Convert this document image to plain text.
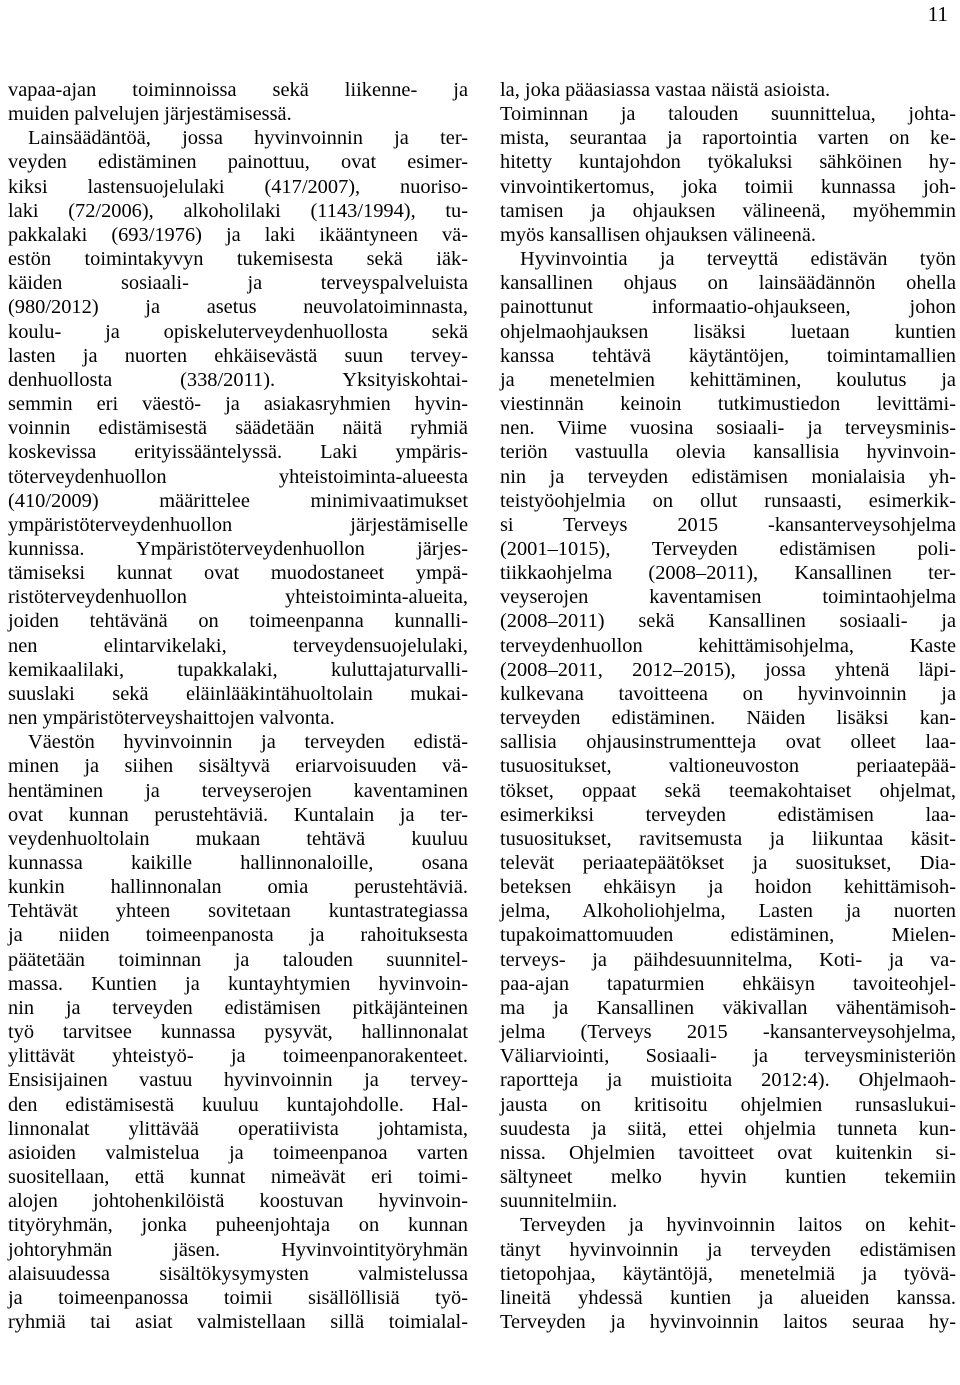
11
vapaa-ajan toiminnoissa sekä liikenne- ja
muiden palvelujen järjestämisessä.
Lainsäädäntöä, jossa hyvinvoinnin ja ter-
veyden edistäminen painottuu, ovat esimer-
kiksi lastensuojelulaki (417/2007), nuoriso-
laki (72/2006), alkoholilaki (1143/1994), tu-
pakkalaki (693/1976) ja laki ikääntyneen vä-
estön toimintakyvyn tukemisesta sekä iäk-
käiden sosiaali- ja terveyspalveluista
(980/2012) ja asetus neuvolatoiminnasta,
koulu- ja opiskeluterveydenhuollosta sekä
lasten ja nuorten ehkäisevästä suun tervey-
denhuollosta (338/2011). Yksityiskohtai-
semmin eri väestö- ja asiakasryhmien hyvin-
voinnin edistämisestä säädetään näitä ryhmiä
koskevissa erityissääntelyssä. Laki ympäris-
töterveydenhuollon yhteistoiminta-alueesta
(410/2009) määrittelee minimivaatimukset
ympäristöterveydenhuollon järjestämiselle
kunnissa. Ympäristöterveydenhuollon järjes-
tämiseksi kunnat ovat muodostaneet ympä-
ristöterveydenhuollon yhteistoiminta-alueita,
joiden tehtävänä on toimeenpanna kunnalli-
nen elintarvikelaki, terveydensuojelulaki,
kemikaalilaki, tupakkalaki, kuluttajaturvalli-
suuslaki sekä eläinlääkintähuoltolain mukai-
nen ympäristöterveyshaittojen valvonta.
Väestön hyvinvoinnin ja terveyden edistä-
minen ja siihen sisältyvä eriarvoisuuden vä-
hentäminen ja terveyserojen kaventaminen
ovat kunnan perustehtäviä. Kuntalain ja ter-
veydenhuoltolain mukaan tehtävä kuuluu
kunnassa kaikille hallinnonaloille, osana
kunkin hallinnonalan omia perustehtäviä.
Tehtävät yhteen sovitetaan kuntastrategiassa
ja niiden toimeenpanosta ja rahoituksesta
päätetään toiminnan ja talouden suunnitel-
massa. Kuntien ja kuntayhtymien hyvinvoin-
nin ja terveyden edistämisen pitkäjänteinen
työ tarvitsee kunnassa pysyvät, hallinnonalat
ylittävät yhteistyö- ja toimeenpanorakenteet.
Ensisijainen vastuu hyvinvoinnin ja tervey-
den edistämisestä kuuluu kuntajohdolle. Hal-
linnonalat ylittävää operatiivista johtamista,
asioiden valmistelua ja toimeenpanoa varten
suositellaan, että kunnat nimeävät eri toimi-
alojen johtohenkilöistä koostuvan hyvinvoin-
tityöryhmän, jonka puheenjohtaja on kunnan
johtoryhmän jäsen. Hyvinvointityöryhmän
alaisuudessa sisältökysymysten valmistelussa
ja toimeenpanossa toimii sisällöllisiä työ-
ryhmiä tai asiat valmistellaan sillä toimialal-
la, joka pääasiassa vastaa näistä asioista.
Toiminnan ja talouden suunnittelua, johta-
mista, seurantaa ja raportointia varten on ke-
hitetty kuntajohdon työkaluksi sähköinen hy-
vinvointikertomus, joka toimii kunnassa joh-
tamisen ja ohjauksen välineenä, myöhemmin
myös kansallisen ohjauksen välineenä.
Hyvinvointia ja terveyttä edistävän työn
kansallinen ohjaus on lainsäädännön ohella
painottunut informaatio-ohjaukseen, johon
ohjelmaohjauksen lisäksi luetaan kuntien
kanssa tehtävä käytäntöjen, toimintamallien
ja menetelmien kehittäminen, koulutus ja
viestinnän keinoin tutkimustiedon levittämi-
nen. Viime vuosina sosiaali- ja terveysminis-
teriön vastuulla olevia kansallisia hyvinvoin-
nin ja terveyden edistämisen monialaisia yh-
teistyöohjelmia on ollut runsaasti, esimerkik-
si Terveys 2015 -kansanterveysohjelma
(2001–1015), Terveyden edistämisen poli-
tiikkaohjelma (2008–2011), Kansallinen ter-
veyserojen kaventamisen toimintaohjelma
(2008–2011) sekä Kansallinen sosiaali- ja
terveydenhuollon kehittämisohjelma, Kaste
(2008–2011, 2012–2015), jossa yhtenä läpi-
kulkevana tavoitteena on hyvinvoinnin ja
terveyden edistäminen. Näiden lisäksi kan-
sallisia ohjausinstrumentteja ovat olleet laa-
tusuositukset, valtioneuvoston periaatepää-
tökset, oppaat sekä teemakohtaiset ohjelmat,
esimerkiksi terveyden edistämisen laa-
tusuositukset, ravitsemusta ja liikuntaa käsit-
televät periaatepäätökset ja suositukset, Dia-
beteksen ehkäisyn ja hoidon kehittämisoh-
jelma, Alkoholiohjelma, Lasten ja nuorten
tupakoimattomuuden edistäminen, Mielen-
terveys- ja päihdesuunnitelma, Koti- ja va-
paa-ajan tapaturmien ehkäisyn tavoiteohjel-
ma ja Kansallinen väkivallan vähentämisoh-
jelma (Terveys 2015 -kansanterveysohjelma,
Väliarviointi, Sosiaali- ja terveysministeriön
raportteja ja muistioita 2012:4). Ohjelmaoh-
jausta on kritisoitu ohjelmien runsaslukui-
suudesta ja siitä, ettei ohjelmia tunneta kun-
nissa. Ohjelmien tavoitteet ovat kuitenkin si-
sältyneet melko hyvin kuntien tekemiin
suunnitelmiin.
Terveyden ja hyvinvoinnin laitos on kehit-
tänyt hyvinvoinnin ja terveyden edistämisen
tietopohjaa, käytäntöjä, menetelmiä ja työvä-
lineitä yhdessä kuntien ja alueiden kanssa.
Terveyden ja hyvinvoinnin laitos seuraa hy-
